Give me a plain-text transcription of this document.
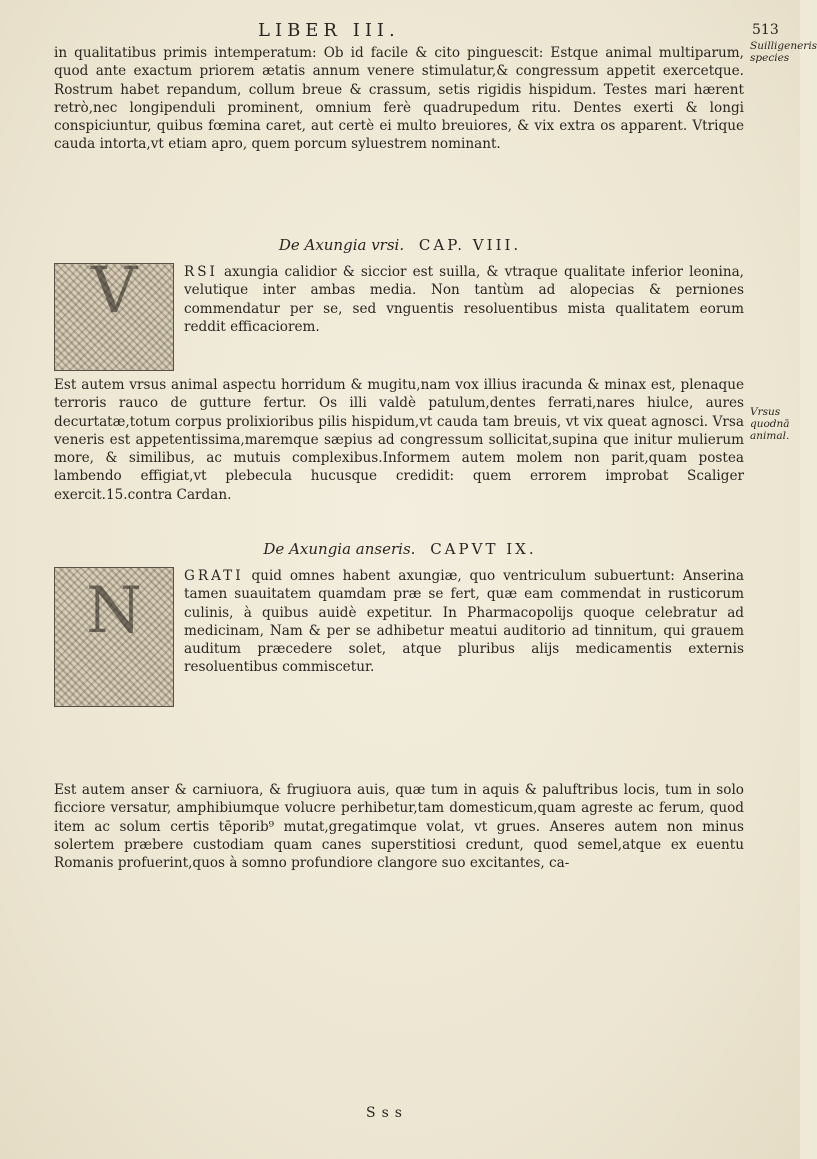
LIBER III.	513
in qualitatibus primis intemperatum: Ob id facile & cito pinguescit: Estque animal multiparum, quod ante exactum priorem ætatis annum venere stimulatur,& congressum appetit exercetque. Rostrum habet repandum, collum breue & crassum, setis rigidis hispidum. Testes mari hærent retrò,nec longipenduli prominent, omnium ferè quadrupedum ritu. Dentes exerti & longi conspiciuntur, quibus fœmina caret, aut certè ei multo breuiores, & vix extra os apparent. Vtrique cauda intorta,vt etiam apro, quem porcum syluestrem nominant.
De Axungia vrsi. CAP. VIII.
V	RSI axungia calidior & siccior est suilla, & vtraque qualitate inferior leonina, velutique inter ambas media. Non tantùm ad alopecias & perniones commendatur per se, sed vnguentis resoluentibus mista qualitatem eorum reddit efficaciorem.
Est autem vrsus animal aspectu horridum & mugitu,nam vox illius iracunda & minax est, plenaque terroris rauco de gutture fertur. Os illi valdè patulum,dentes ferrati,nares hiulce, aures decurtatæ,totum corpus prolixioribus pilis hispidum,vt cauda tam breuis, vt vix queat agnosci. Vrsa veneris est appetentissima,maremque sæpius ad congressum sollicitat,supina que initur mulierum more, & similibus, ac mutuis complexibus.Informem autem molem non parit,quam postea lambendo effigiat,vt plebecula hucusque credidit: quem errorem improbat Scaliger exercit.15.contra Cardan.
De Axungia anseris. CAPVT IX.
N	GRATI quid omnes habent axungiæ, quo ventriculum subuertunt: Anserina tamen suauitatem quamdam præ se fert, quæ eam commendat in rusticorum culinis, à quibus auidè expetitur. In Pharmacopolijs quoque celebratur ad medicinam, Nam & per se adhibetur meatui auditorio ad tinnitum, qui grauem auditum præcedere solet, atque pluribus alijs medicamentis externis resoluentibus commiscetur.
Est autem anser & carniuora, & frugiuora auis, quæ tum in aquis & paluftribus locis, tum in solo ficciore versatur, amphibiumque volucre perhibetur,tam domesticum,quam agreste ac ferum, quod item ac solum certis tēporib⁹ mutat,gregatimque volat, vt grues. Anseres autem non minus solertem præbere custodiam quam canes superstitiosi credunt, quod semel,atque ex euentu Romanis profuerint,quos à somno profundiore clangore suo excitantes, ca-
Suilligeneris species
Vrsus quodnā animal.
Sss
